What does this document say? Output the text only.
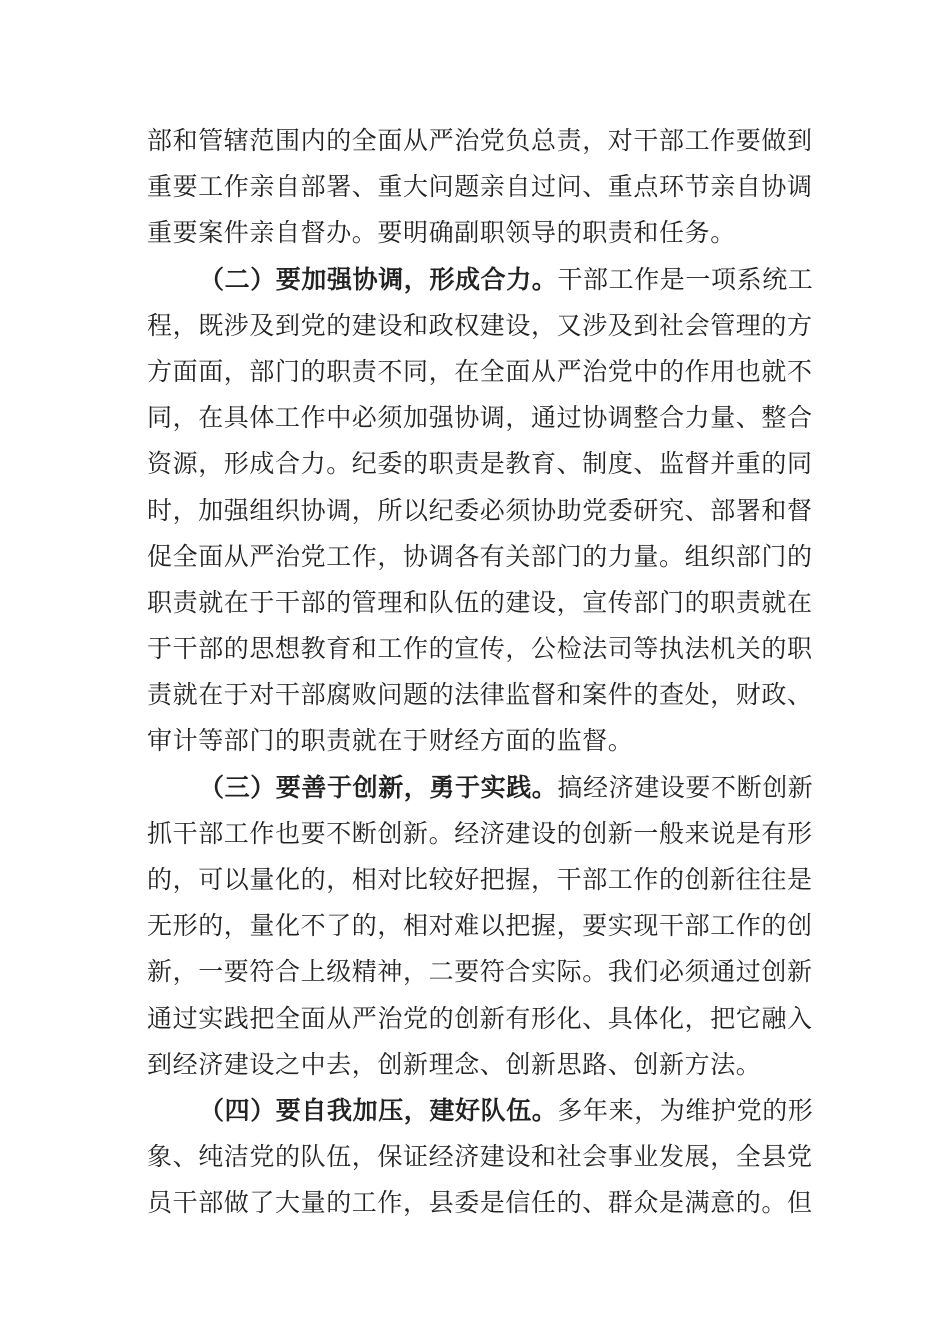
部和管辖范围内的全面从严治党负总责，对干部工作要做到
重要工作亲自部署、重大问题亲自过问、重点环节亲自协调
重要案件亲自督办。要明确副职领导的职责和任务。
（二）要加强协调，形成合力。干部工作是一项系统工
程，既涉及到党的建设和政权建设，又涉及到社会管理的方
方面面，部门的职责不同，在全面从严治党中的作用也就不
同，在具体工作中必须加强协调，通过协调整合力量、整合
资源，形成合力。纪委的职责是教育、制度、监督并重的同
时，加强组织协调，所以纪委必须协助党委研究、部署和督
促全面从严治党工作，协调各有关部门的力量。组织部门的
职责就在于干部的管理和队伍的建设，宣传部门的职责就在
于干部的思想教育和工作的宣传，公检法司等执法机关的职
责就在于对干部腐败问题的法律监督和案件的查处，财政、
审计等部门的职责就在于财经方面的监督。
（三）要善于创新，勇于实践。搞经济建设要不断创新
抓干部工作也要不断创新。经济建设的创新一般来说是有形
的，可以量化的，相对比较好把握，干部工作的创新往往是
无形的，量化不了的，相对难以把握，要实现干部工作的创
新，一要符合上级精神，二要符合实际。我们必须通过创新
通过实践把全面从严治党的创新有形化、具体化，把它融入
到经济建设之中去，创新理念、创新思路、创新方法。
（四）要自我加压，建好队伍。多年来，为维护党的形
象、纯洁党的队伍，保证经济建设和社会事业发展，全县党
员干部做了大量的工作，县委是信任的、群众是满意的。但
